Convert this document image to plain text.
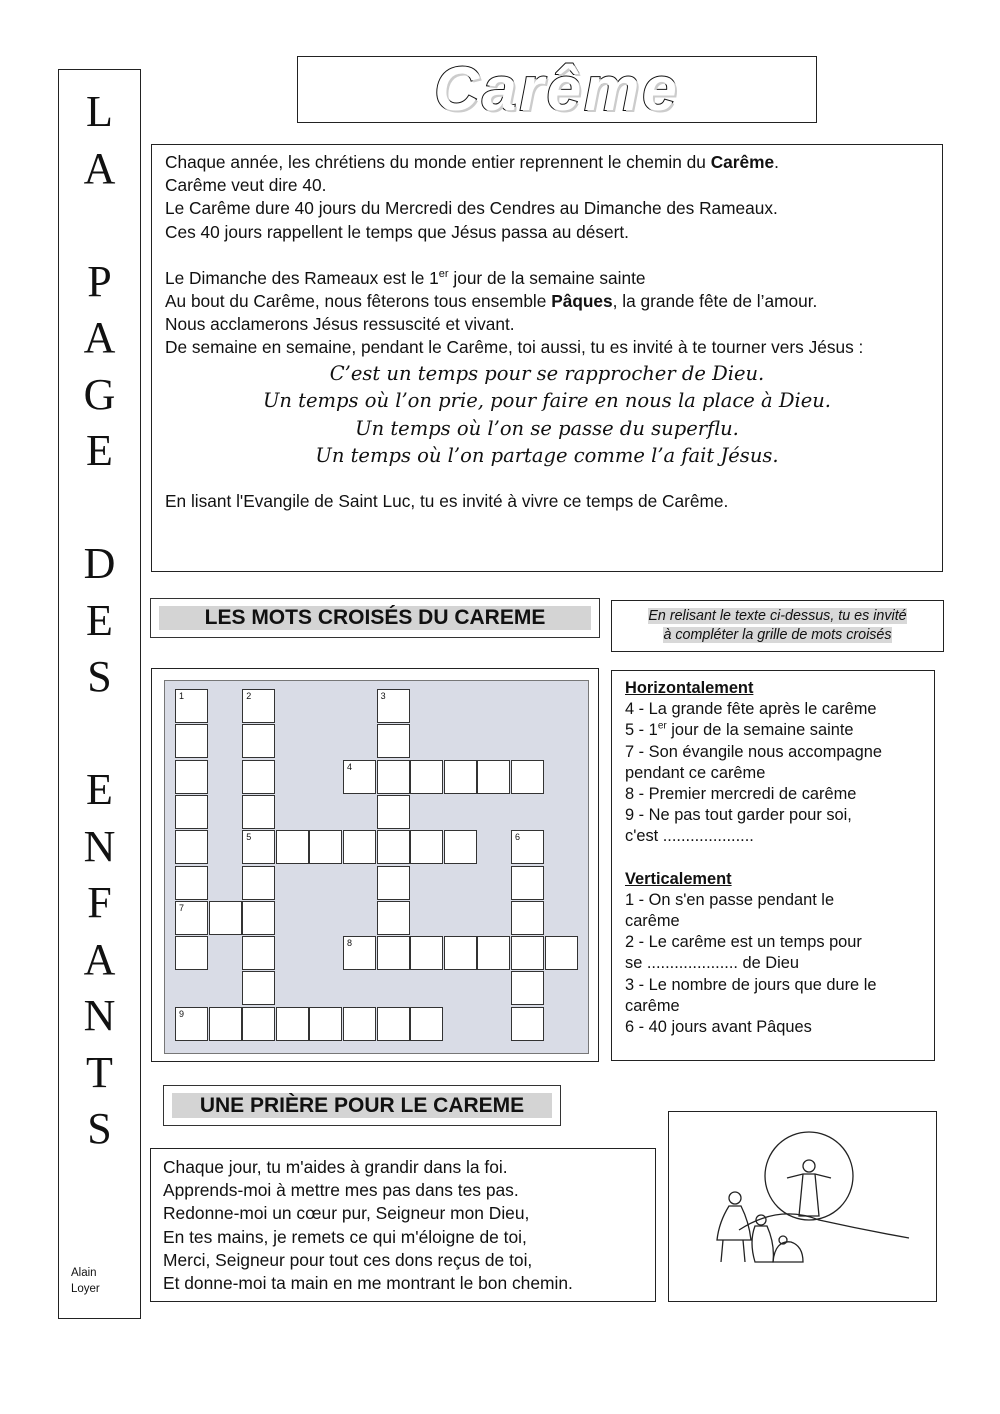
L
A
P
A
G
E
D
E
S
E
N
F
A
N
T
S
Alain
Loyer
Carême

Chaque année, les chrétiens du monde entier reprennent le chemin du Carême.

Carême veut dire 40.

Le Carême dure 40 jours du Mercredi des Cendres au Dimanche des Rameaux.

Ces 40 jours rappellent le temps que Jésus passa au désert.

Le Dimanche des Rameaux est le 1er jour de la semaine sainte

Au bout du Carême, nous fêterons tous ensemble Pâques, la grande fête de l’amour.

Nous acclamerons Jésus ressuscité et vivant.

De semaine en semaine, pendant le Carême, toi aussi, tu es invité à te tourner vers Jésus :

C’est un temps pour se rapprocher de Dieu.

Un temps où l’on prie, pour faire en nous la place à Dieu.

Un temps où l’on se passe du superflu.

Un temps où l’on partage comme l’a fait Jésus.

En lisant l'Evangile de Saint Luc, tu es invité à vivre ce temps de Carême.

LES MOTS CROISÉS DU CAREME	En relisant le texte ci-dessus, tu es invité
à compléter la grille de mots croisés
1
7
2
5
3
4
6
8
9
Horizontalement
4 - La grande fête après le carême
5 - 1er jour de la semaine sainte
7 - Son évangile nous accompagne
pendant ce carême
8 - Premier mercredi de carême
9 - Ne pas tout garder pour soi,
c'est ....................
Verticalement
1 - On s'en passe pendant le
carême
2 - Le carême est un temps pour
se .................... de Dieu
3 - Le nombre de jours que dure le
carême
6 - 40 jours avant Pâques
UNE PRIÈRE POUR LE CAREME
Chaque jour, tu m'aides à grandir dans la foi.
Apprends-moi à mettre mes pas dans tes pas.
Redonne-moi un cœur pur, Seigneur mon Dieu,
En tes mains, je remets ce qui m'éloigne de toi,
Merci, Seigneur pour tout ces dons reçus de toi,
Et donne-moi ta main en me montrant le bon chemin.
